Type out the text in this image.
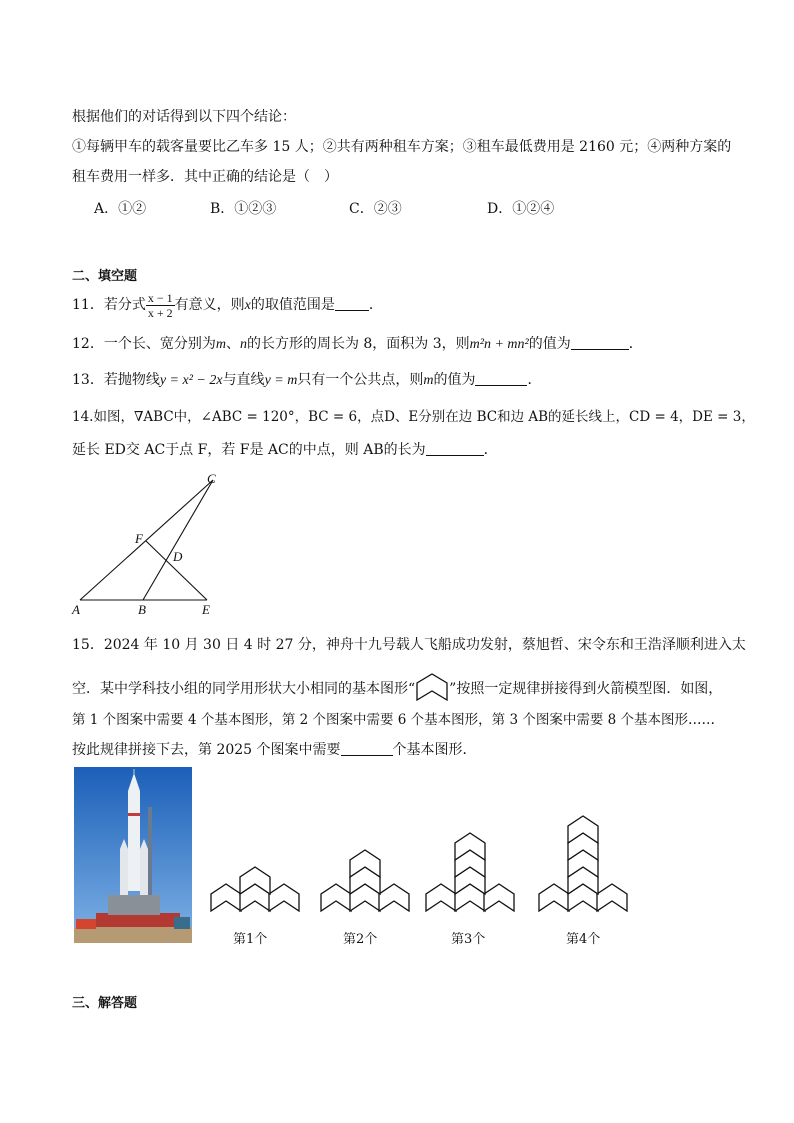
根据他们的对话得到以下四个结论：
①每辆甲车的载客量要比乙车多 15 人；②共有两种租车方案；③租车最低费用是 2160 元；④两种方案的
租车费用一样多．其中正确的结论是（　）
A．①②	B．①②③	C．②③	D．①②④
二、填空题
11．若分式 $\frac{x - 1}{x + 2}$ 有意义，则x的取值范围是 ．
12．一个长、宽分别为m、n的长方形的周长为 8，面积为 3，则m²n + mn²的值为	．
13．若抛物线y = x² − 2x与直线y = m只有一个公共点，则m的值为	．
14.如图，∇ABC中，∠ABC = 120°，BC = 6，点D、E分别在边 BC和边 AB的延长线上，CD = 4，DE = 3，
延长 ED交 AC于点 F，若 F是 AC的中点，则 AB的长为	．
A	B
C
D
E
F
15．2024 年 10 月 30 日 4 时 27 分，神舟十九号载人飞船成功发射，蔡旭哲、宋令东和王浩泽顺利进入太
空．某中学科技小组的同学用形状大小相同的基本图形“ ”按照一定规律拼接得到火箭模型图．如图，
第 1 个图案中需要 4 个基本图形，第 2 个图案中需要 6 个基本图形，第 3 个图案中需要 8 个基本图形……
按此规律拼接下去，第 2025 个图案中需要	个基本图形．
第1个	第2个	第3个	第4个
三、解答题
